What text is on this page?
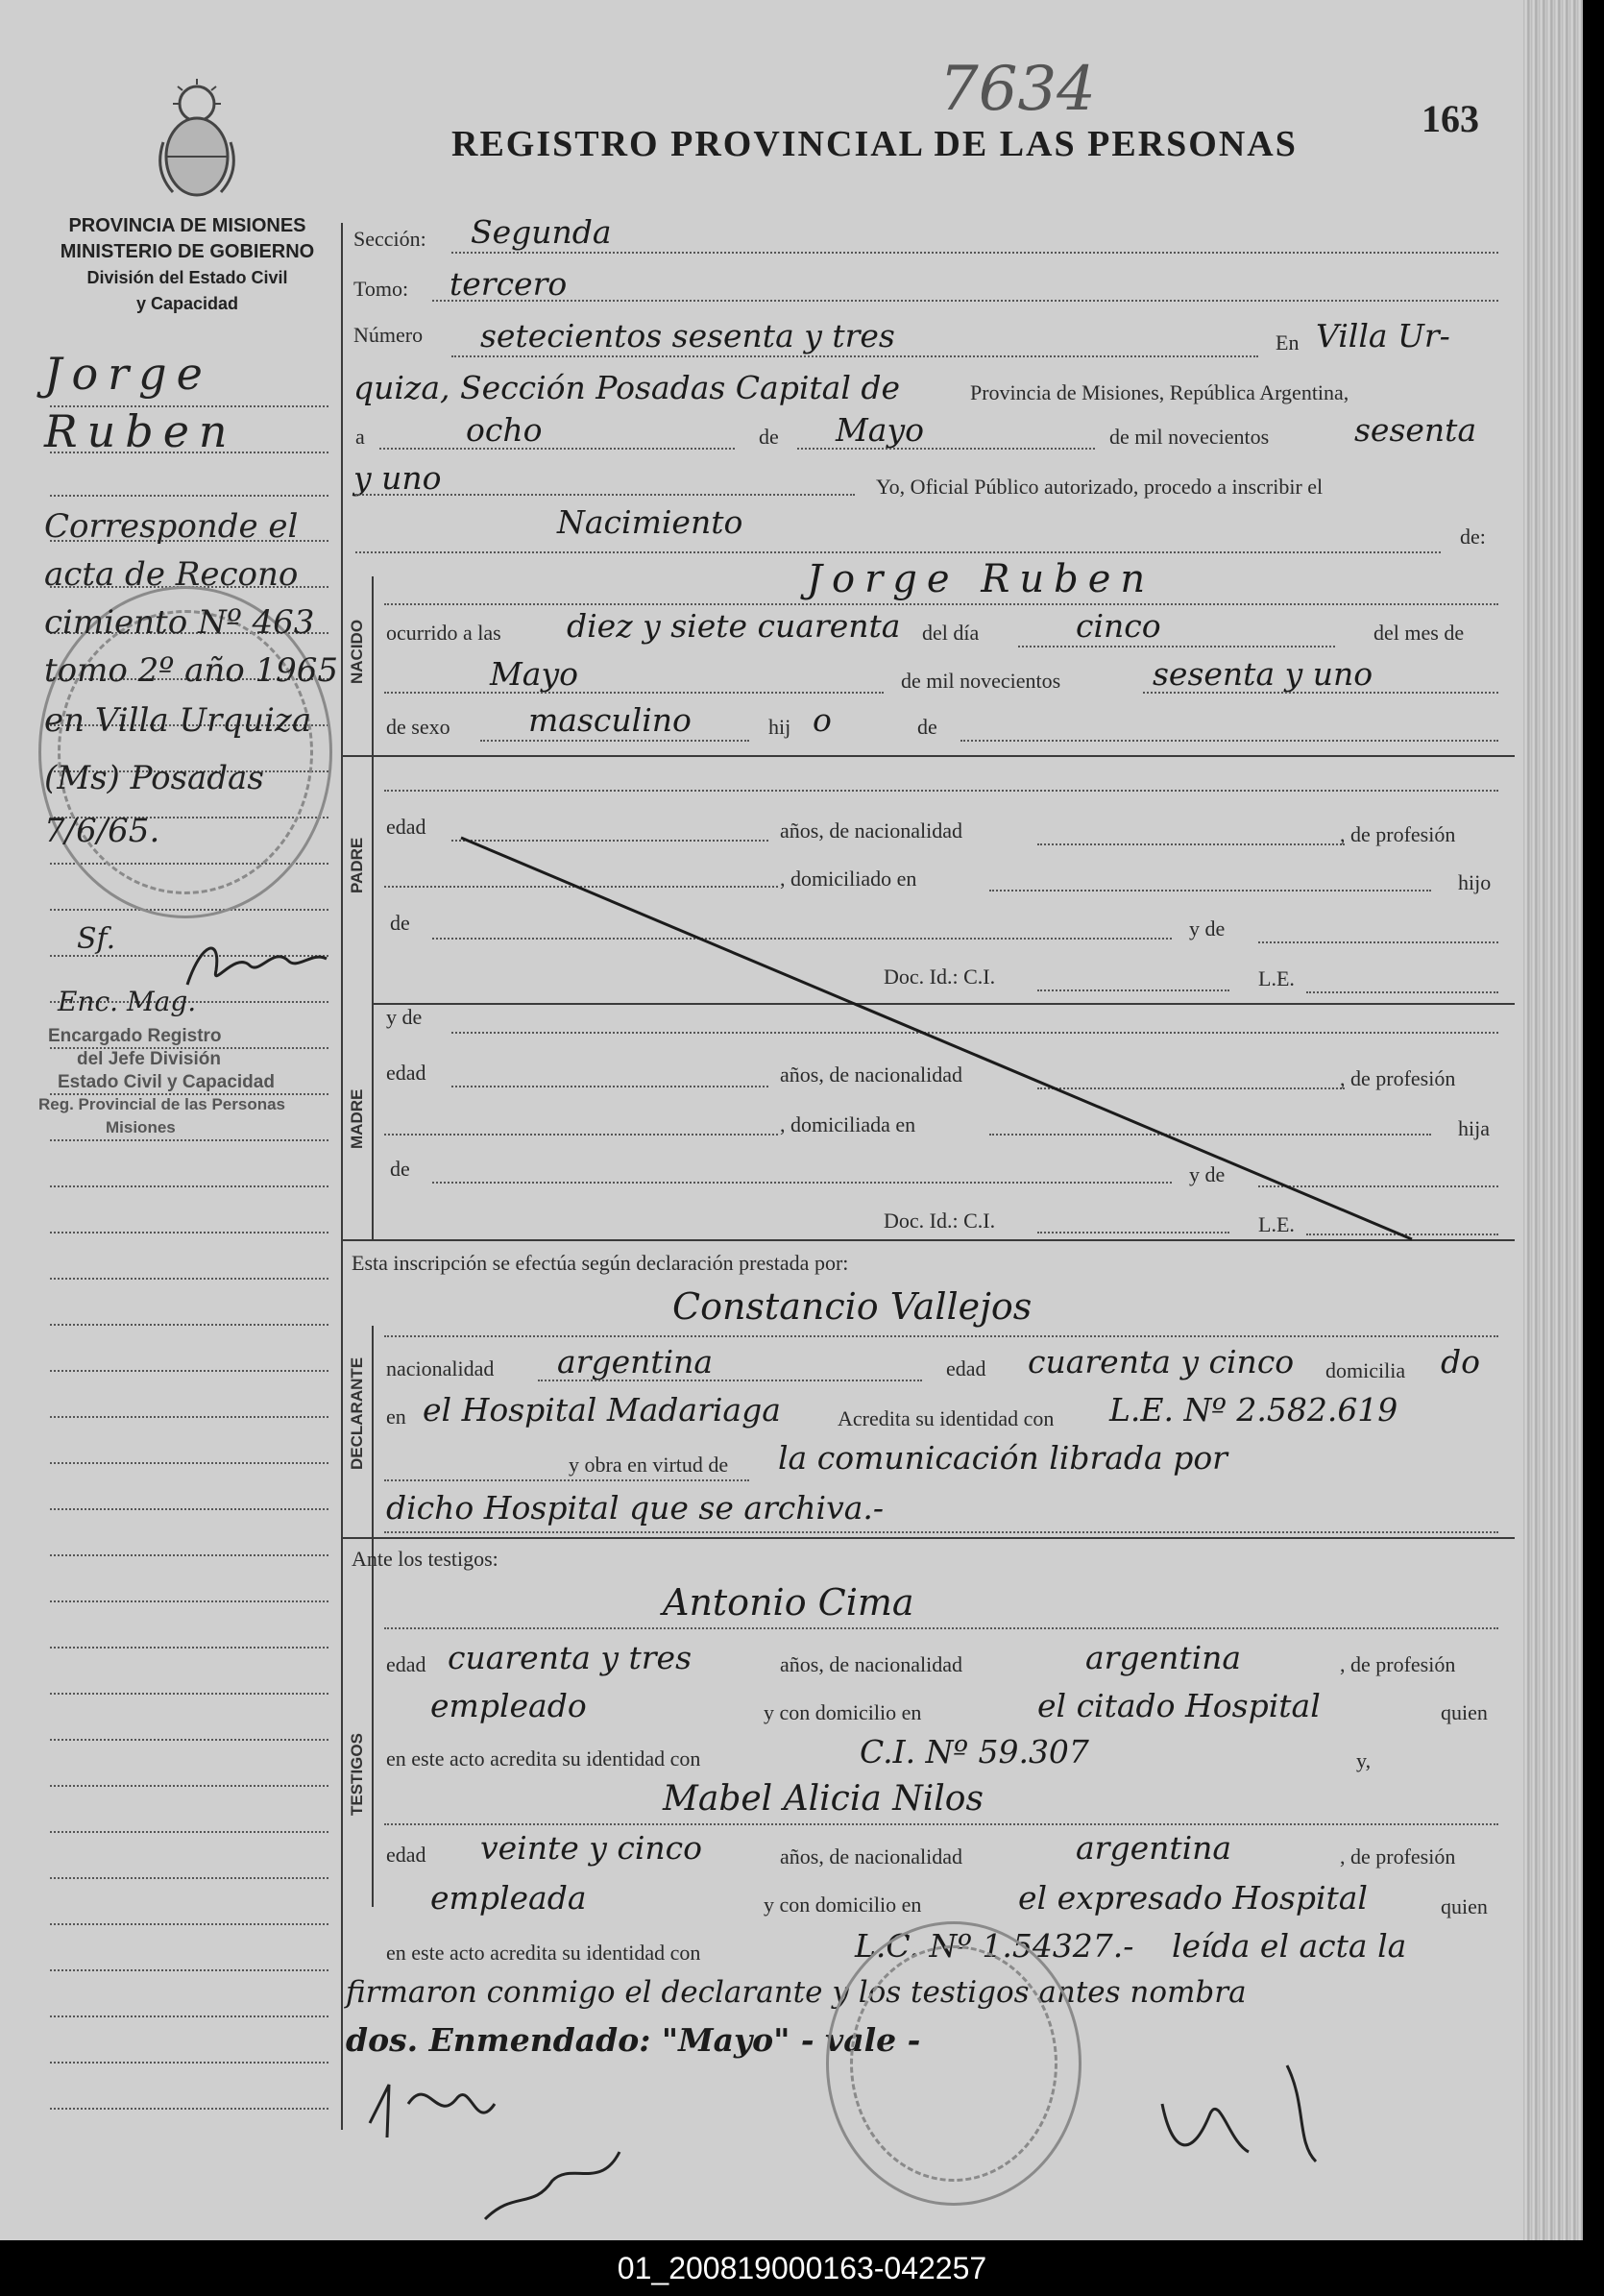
7634
REGISTRO PROVINCIAL DE LAS PERSONAS
163
PROVINCIA DE MISIONES
MINISTERIO DE GOBIERNO
División del Estado Civil
y Capacidad
Jorge
Ruben
Corresponde el
acta de Recono
cimiento Nº 463
tomo 2º año 1965
en Villa Urquiza
(Ms) Posadas
7/6/65.
Sf.
Enc. Mag.
Encargado Registro
del Jefe División
Estado Civil y Capacidad
Reg. Provincial de las Personas
Misiones
Sección: Segunda
Tomo: tercero
Número setecientos sesenta y tres	En Villa Ur-
quiza, Sección Posadas Capital de	Provincia de Misiones, República Argentina,
a	ocho	de Mayo	de mil novecientos	sesenta
y uno	Yo, Oficial Público autorizado, procedo a inscribir el
Nacimiento	de:
Jorge Ruben
NACIDO ocurrido a las diez y siete cuarenta del día	cinco	del mes de
Mayo	de mil novecientos	sesenta y uno
de sexo masculino	hij o	de
PADRE
edad	años, de nacionalidad	, de profesión
, domiciliado en	hijo
de	y de
Doc. Id.: C.I.	L.E.
y de
MADRE
edad	años, de nacionalidad	, de profesión
, domiciliada en	hija
de	y de
Doc. Id.: C.I.	L.E.
Esta inscripción se efectúa según declaración prestada por:
Constancio Vallejos
DECLARANTE nacionalidad argentina	edad cuarenta y cinco domicilia do
en el Hospital Madariaga	Acredita su identidad con L.E. Nº 2.582.619
y obra en virtud de la comunicación librada por
dicho Hospital que se archiva.-
Ante los testigos:
Antonio Cima
TESTIGOS
edad cuarenta y tres	años, de nacionalidad	argentina	, de profesión
empleado	y con domicilio en	el citado Hospital	quien
en este acto acredita su identidad con	C.I. Nº 59.307	y,
Mabel Alicia Nilos
edad veinte y cinco	años, de nacionalidad	argentina	, de profesión
empleada	y con domicilio en	el expresado Hospital	quien
en este acto acredita su identidad con	L.C. Nº 1.54327.- leída el acta la
firmaron conmigo el declarante y los testigos antes nombra
dos. Enmendado: "Mayo" - vale -
01_200819000163-042257
